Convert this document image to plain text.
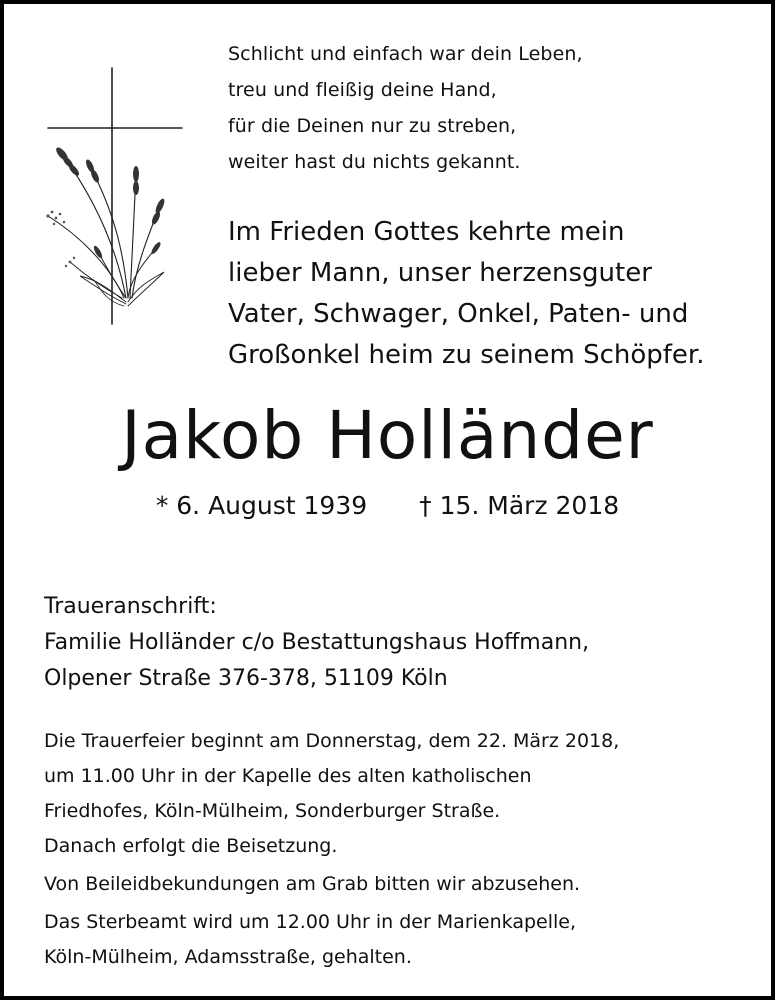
Schlicht und einfach war dein Leben,
treu und fleißig deine Hand,
für die Deinen nur zu streben,
weiter hast du nichts gekannt.
Im Frieden Gottes kehrte mein
lieber Mann, unser herzensguter
Vater, Schwager, Onkel, Paten- und
Großonkel heim zu seinem Schöpfer.
Jakob Holländer
* 6. August 1939 † 15. März 2018
Traueranschrift:
Familie Holländer c/o Bestattungshaus Hoffmann,
Olpener Straße 376-378, 51109 Köln

Die Trauerfeier beginnt am Donnerstag, dem 22. März 2018,
um 11.00 Uhr in der Kapelle des alten katholischen
Friedhofes, Köln-Mülheim, Sonderburger Straße.
Danach erfolgt die Beisetzung.

Von Beileidbekundungen am Grab bitten wir abzusehen.

Das Sterbeamt wird um 12.00 Uhr in der Marienkapelle,
Köln-Mülheim, Adamsstraße, gehalten.
